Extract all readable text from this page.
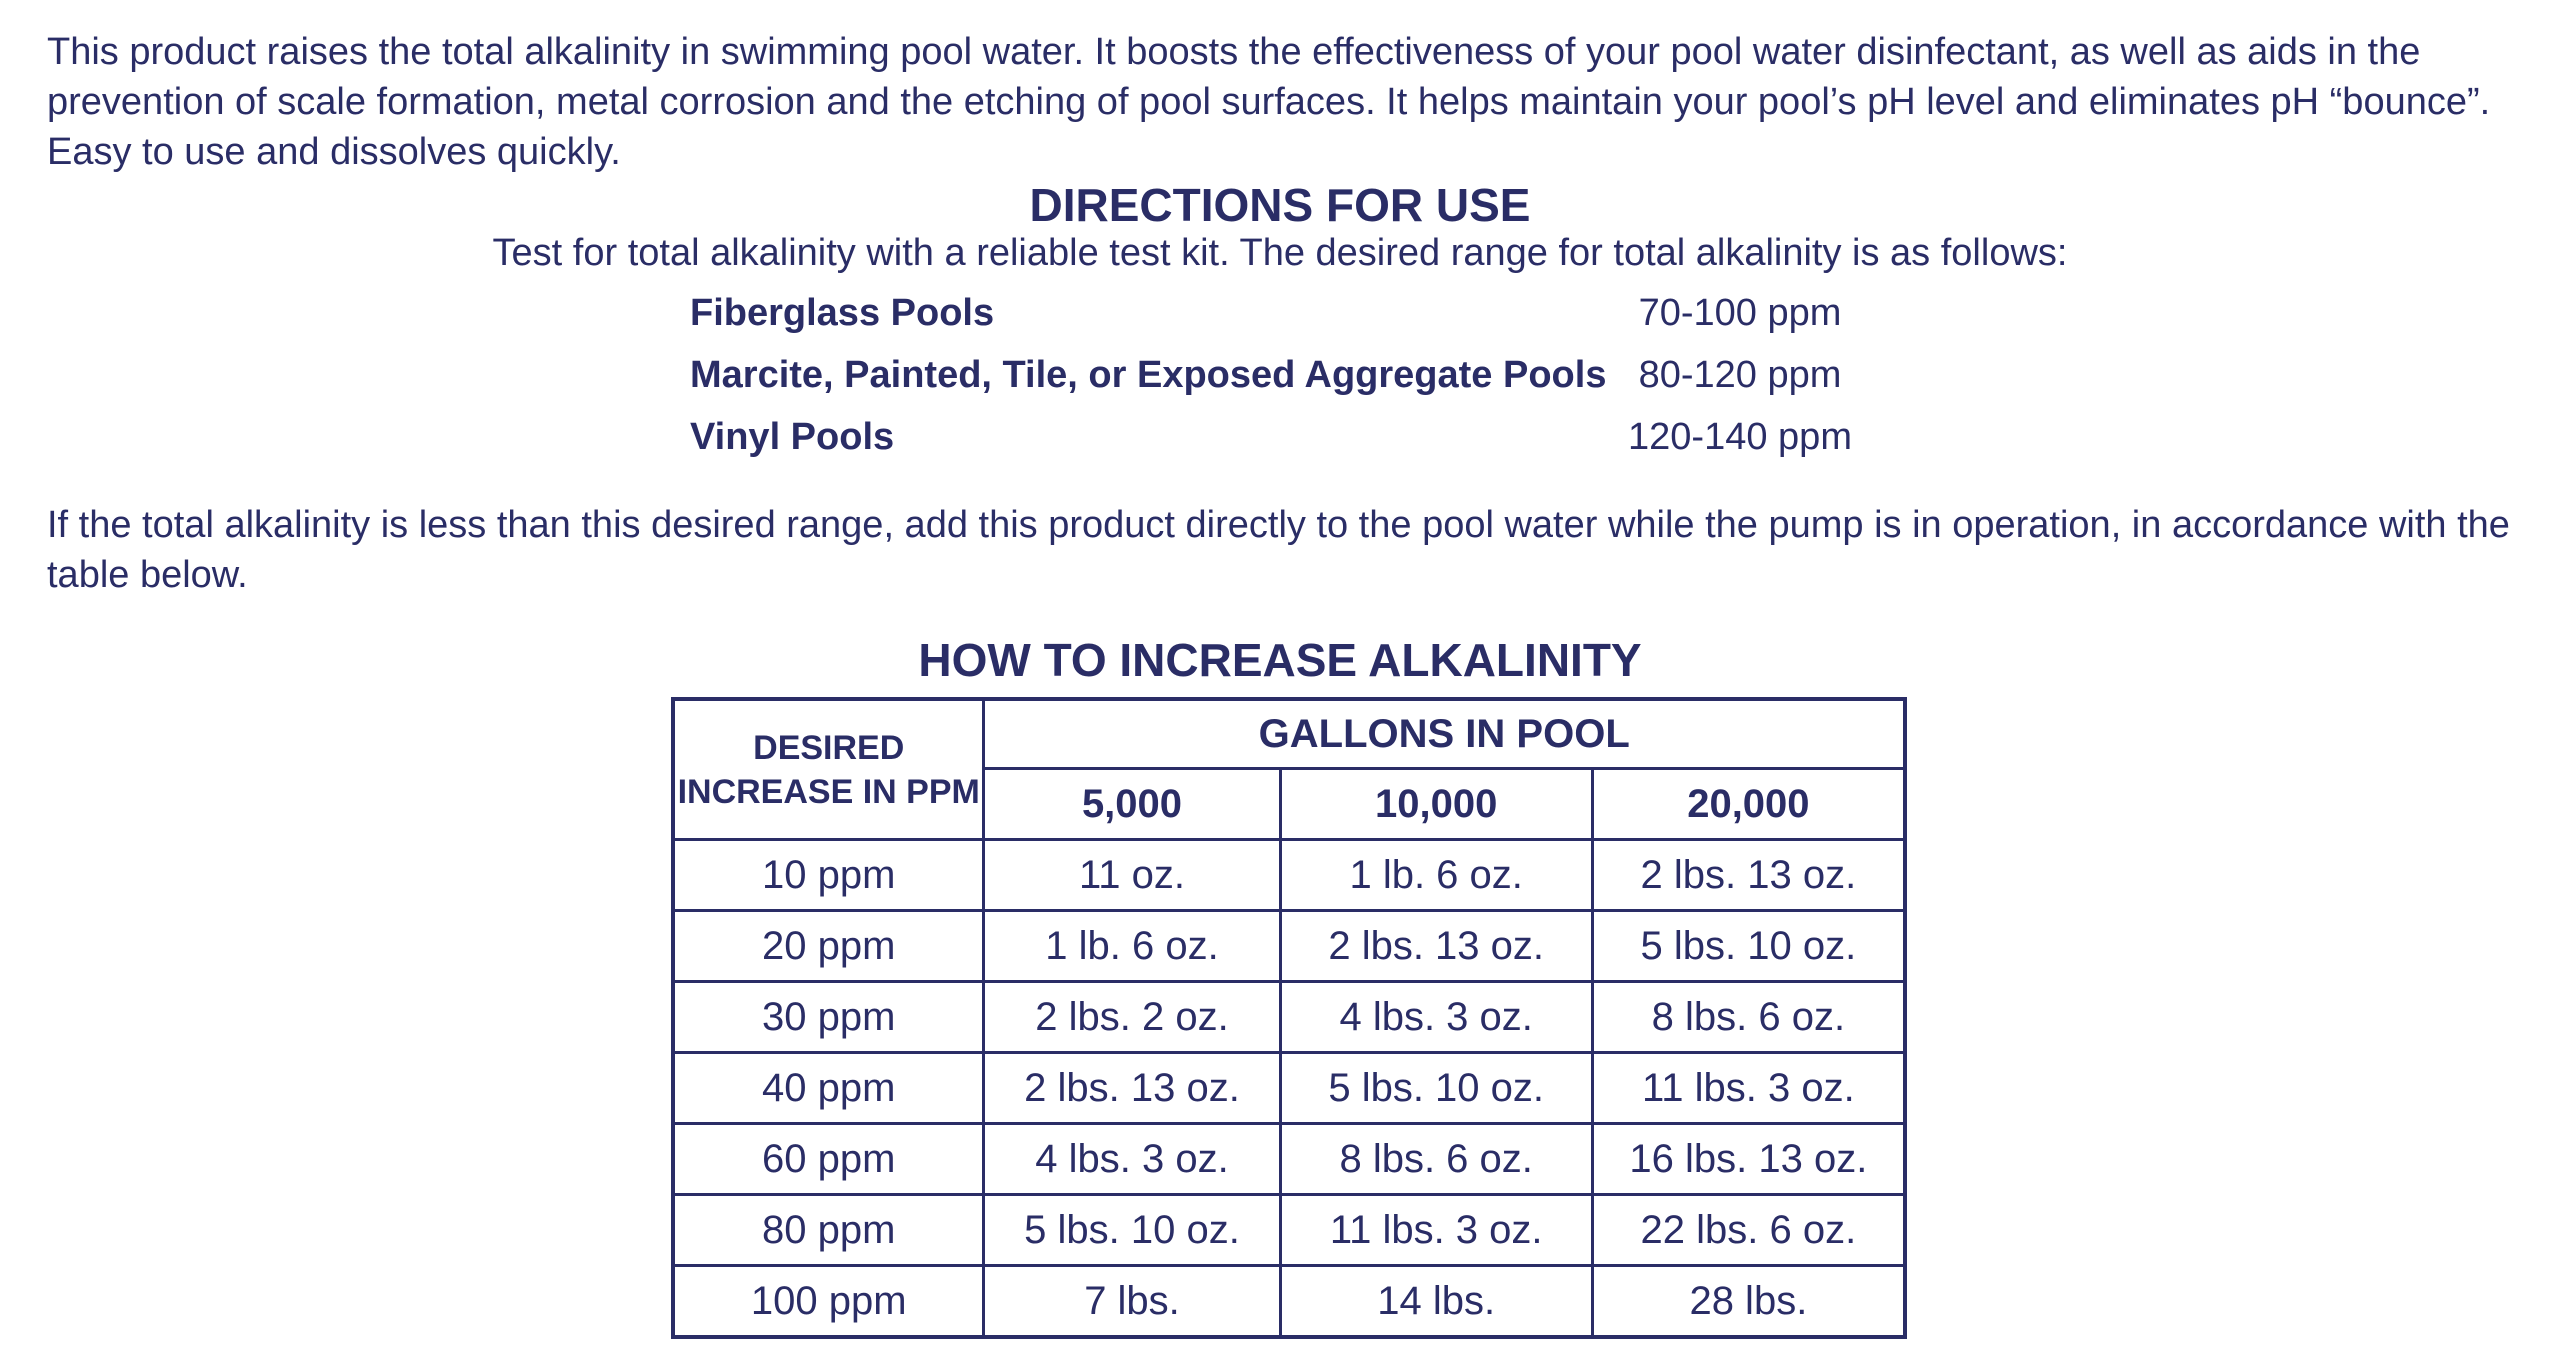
This product raises the total alkalinity in swimming pool water. It boosts the effectiveness of your pool water disinfectant, as well as aids in the prevention of scale formation, metal corrosion and the etching of pool surfaces. It helps maintain your pool’s pH level and eliminates pH “bounce”. Easy to use and dissolves quickly.

DIRECTIONS FOR USE

Test for total alkalinity with a reliable test kit. The desired range for total alkalinity is as follows:

Fiberglass Pools	70-100 ppm
Marcite, Painted, Tile, or Exposed Aggregate Pools 80-120 ppm
Vinyl Pools	120-140 ppm

If the total alkalinity is less than this desired range, add this product directly to the pool water while the pump is in operation, in accordance with the table below.

HOW TO INCREASE ALKALINITY
DESIRED INCREASE IN PPM	GALLONS IN POOL		
	5,000	10,000	20,000
10 ppm	11 oz.	1 lb. 6 oz.	2 lbs. 13 oz.
20 ppm	1 lb. 6 oz.	2 lbs. 13 oz.	5 lbs. 10 oz.
30 ppm	2 lbs. 2 oz.	4 lbs. 3 oz.	8 lbs. 6 oz.
40 ppm	2 lbs. 13 oz.	5 lbs. 10 oz.	11 lbs. 3 oz.
60 ppm	4 lbs. 3 oz.	8 lbs. 6 oz.	16 lbs. 13 oz.
80 ppm	5 lbs. 10 oz.	11 lbs. 3 oz.	22 lbs. 6 oz.
100 ppm	7 lbs.	14 lbs.	28 lbs.
